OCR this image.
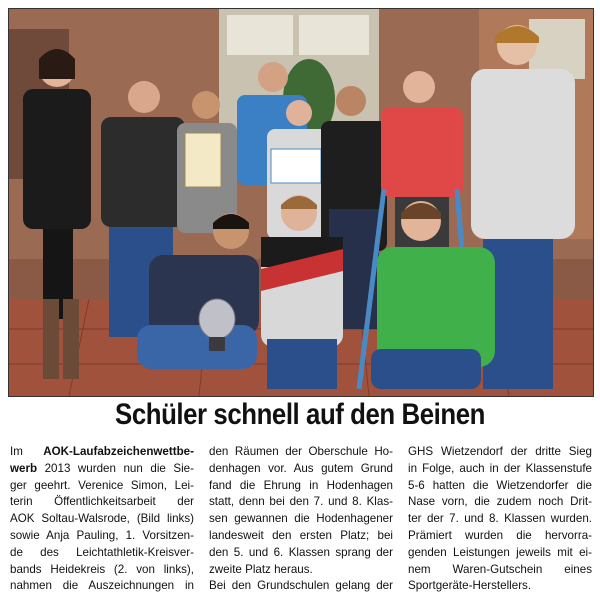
Schüler schnell auf den Beinen
Im AOK-Laufabzeichenwettbe-
werb 2013 wurden nun die Sie-
ger geehrt. Verenice Simon, Lei-
terin Öffentlichkeitsarbeit der
AOK Soltau-Walsrode, (Bild links)
sowie Anja Pauling, 1. Vorsitzen-
de des Leichtathletik-Kreisver-
bands Heidekreis (2. von links),
nahmen die Auszeichnungen in
den Räumen der Oberschule Ho-
denhagen vor. Aus gutem Grund
fand die Ehrung in Hodenhagen
statt, denn bei den 7. und 8. Klas-
sen gewannen die Hodenhagener
landesweit den ersten Platz; bei
den 5. und 6. Klassen sprang der
zweite Platz heraus.
Bei den Grundschulen gelang der
GHS Wietzendorf der dritte Sieg
in Folge, auch in der Klassenstufe
5-6 hatten die Wietzendorfer die
Nase vorn, die zudem noch Drit-
ter der 7. und 8. Klassen wurden.
Prämiert wurden die hervorra-
genden Leistungen jeweils mit ei-
nem Waren-Gutschein eines
Sportgeräte-Herstellers.
